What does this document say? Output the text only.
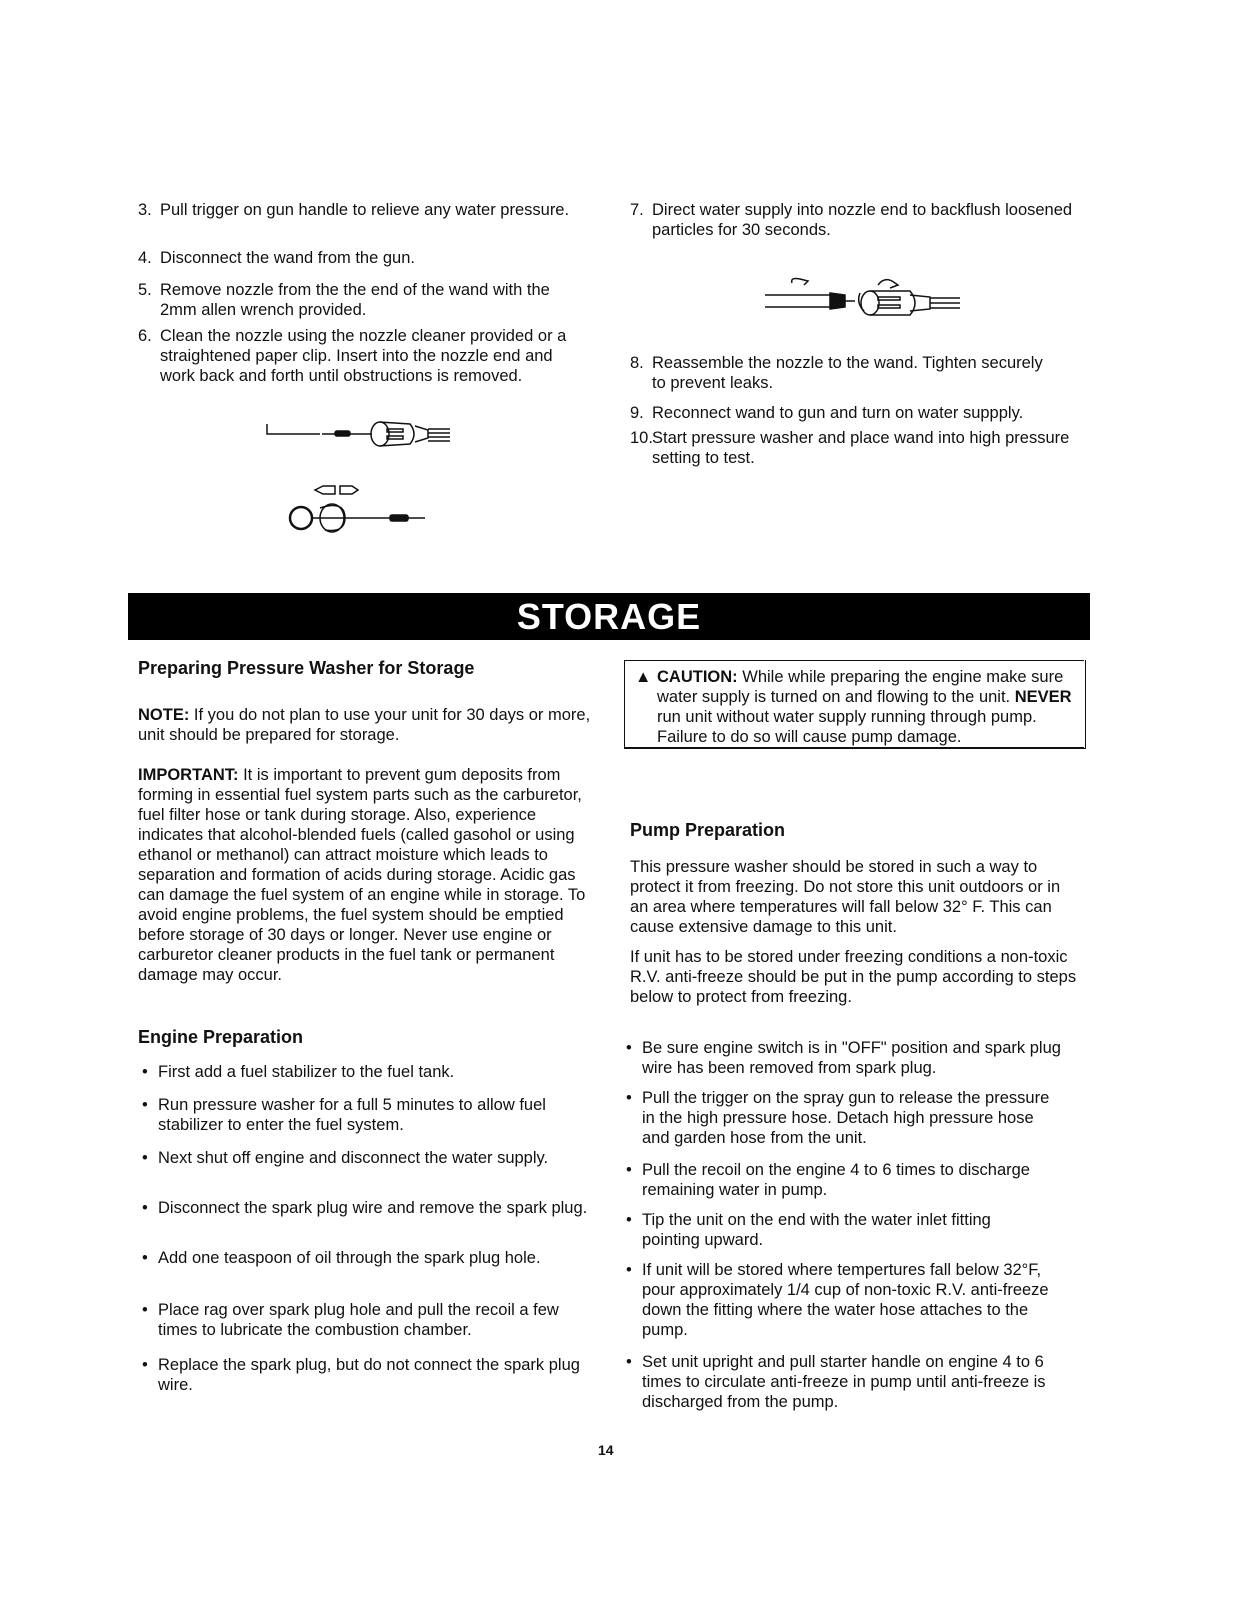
3. Pull trigger on gun handle to relieve any water pressure.
4. Disconnect the wand from the gun.
5. Remove nozzle from the the end of the wand with the 2mm allen wrench provided.
6. Clean the nozzle using the nozzle cleaner provided or a straightened paper clip. Insert into the nozzle end and work back and forth until obstructions is removed.
7. Direct water supply into nozzle end to backflush loosened particles for 30 seconds.
8. Reassemble the nozzle to the wand. Tighten securely to prevent leaks.
9. Reconnect wand to gun and turn on water suppply.
10. Start pressure washer and place wand into high pressure setting to test.
STORAGE
Preparing Pressure Washer for Storage
NOTE: If you do not plan to use your unit for 30 days or more, unit should be prepared for storage.
IMPORTANT: It is important to prevent gum deposits from forming in essential fuel system parts such as the carburetor, fuel filter hose or tank during storage. Also, experience indicates that alcohol-blended fuels (called gasohol or using ethanol or methanol) can attract moisture which leads to separation and formation of acids during storage. Acidic gas can damage the fuel system of an engine while in storage. To avoid engine problems, the fuel system should be emptied before storage of 30 days or longer. Never use engine or carburetor cleaner products in the fuel tank or permanent damage may occur.
Engine Preparation
• First add a fuel stabilizer to the fuel tank.
• Run pressure washer for a full 5 minutes to allow fuel stabilizer to enter the fuel system.
• Next shut off engine and disconnect the water supply.
• Disconnect the spark plug wire and remove the spark plug.
• Add one teaspoon of oil through the spark plug hole.
• Place rag over spark plug hole and pull the recoil a few times to lubricate the combustion chamber.
• Replace the spark plug, but do not connect the spark plug wire.
▲ CAUTION: While while preparing the engine make sure water supply is turned on and flowing to the unit. NEVER run unit without water supply running through pump. Failure to do so will cause pump damage.
Pump Preparation
This pressure washer should be stored in such a way to protect it from freezing. Do not store this unit outdoors or in an area where temperatures will fall below 32° F. This can cause extensive damage to this unit.
If unit has to be stored under freezing conditions a non-toxic R.V. anti-freeze should be put in the pump according to steps below to protect from freezing.
• Be sure engine switch is in "OFF" position and spark plug wire has been removed from spark plug.
• Pull the trigger on the spray gun to release the pressure in the high pressure hose. Detach high pressure hose and garden hose from the unit.
• Pull the recoil on the engine 4 to 6 times to discharge remaining water in pump.
• Tip the unit on the end with the water inlet fitting pointing upward.
• If unit will be stored where tempertures fall below 32°F, pour approximately 1/4 cup of non-toxic R.V. anti-freeze down the fitting where the water hose attaches to the pump.
• Set unit upright and pull starter handle on engine 4 to 6 times to circulate anti-freeze in pump until anti-freeze is discharged from the pump.
14
